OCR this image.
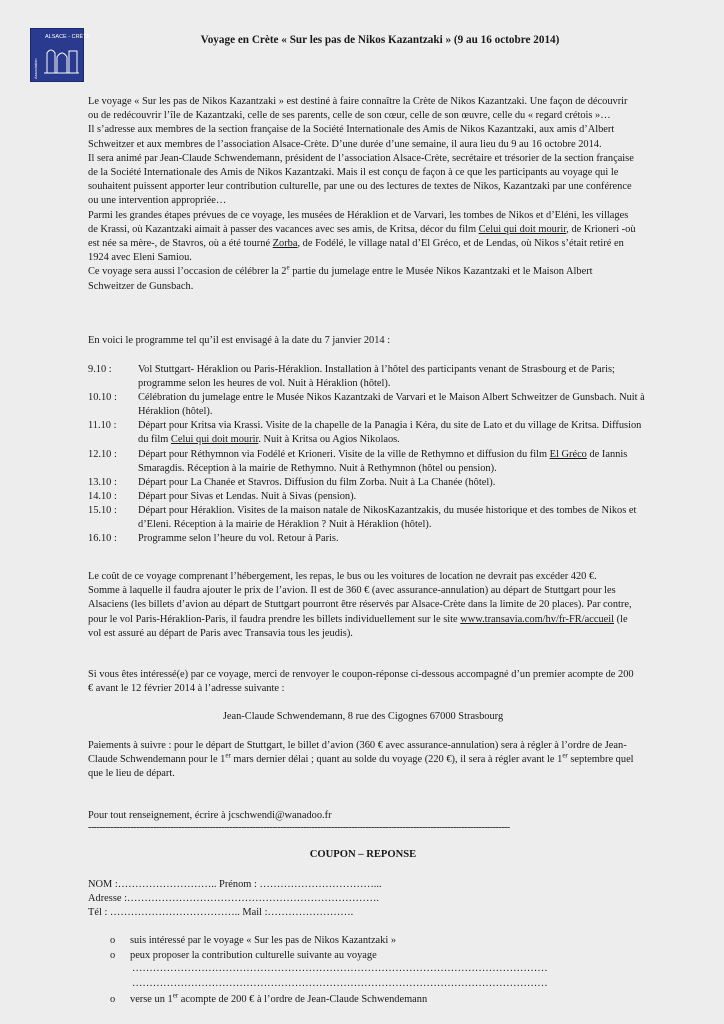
ALSACE - CRÈTE
Association
Voyage en Crète « Sur les pas de Nikos Kazantzaki » (9 au 16 octobre 2014)

Le voyage « Sur les pas de Nikos Kazantzaki » est destiné à faire connaître la Crète de Nikos Kazantzaki. Une façon de découvrir ou de redécouvrir l’île de Kazantzaki, celle de ses parents, celle de son cœur, celle de son œuvre, celle du « regard crétois »…

Il s’adresse aux membres de la section française de la Société Internationale des Amis de Nikos Kazantzaki, aux amis d’Albert Schweitzer et aux membres de l’association Alsace-Crète. D’une durée d’une semaine, il aura lieu du 9 au 16 octobre 2014.

Il sera animé par Jean-Claude Schwendemann, président de l’association Alsace-Crète, secrétaire et trésorier de la section française de la Société Internationale des Amis de Nikos Kazantzaki. Mais il est conçu de façon à ce que les participants au voyage qui le souhaitent puissent apporter leur contribution culturelle, par une ou des lectures de textes de Nikos, Kazantzaki par une conférence ou une intervention appropriée…

Parmi les grandes étapes prévues de ce voyage, les musées de Héraklion et de Varvari, les tombes de Nikos et d’Eléni, les villages de Krassi, où Kazantzaki aimait à passer des vacances avec ses amis, de Kritsa, décor du film Celui qui doit mourir, de Krioneri -où est née sa mère-, de Stavros, où a été tourné Zorba, de Fodélé, le village natal d’El Gréco, et de Lendas, où Nikos s’était retiré en 1924 avec Eleni Samiou.

Ce voyage sera aussi l’occasion de célébrer la 2e partie du jumelage entre le Musée Nikos Kazantzaki et le Maison Albert Schweitzer de Gunsbach.

En voici le programme tel qu’il est envisagé à la date du 7 janvier 2014 :
9.10 :	Vol Stuttgart- Héraklion ou Paris-Héraklion. Installation à l’hôtel des participants venant de Strasbourg et de Paris; programme selon les heures de vol. Nuit à Héraklion (hôtel).
10.10 :	Célébration du jumelage entre le Musée Nikos Kazantzaki de Varvari et le Maison Albert Schweitzer de Gunsbach. Nuit à Héraklion (hôtel).
11.10 :	Départ pour Kritsa via Krassi. Visite de la chapelle de la Panagia i Kéra, du site de Lato et du village de Kritsa. Diffusion du film Celui qui doit mourir. Nuit à Kritsa ou Agios Nikolaos.
12.10 :	Départ pour Réthymnon via Fodélé et Krioneri. Visite de la ville de Rethymno et diffusion du film El Gréco de Iannis Smaragdis. Réception à la mairie de Rethymno. Nuit à Rethymnon (hôtel ou pension).
13.10 :	Départ pour La Chanée et Stavros. Diffusion du film Zorba. Nuit à La Chanée (hôtel).
14.10 :	Départ pour Sivas et Lendas. Nuit à Sivas (pension).
15.10 :	Départ pour Héraklion. Visites de la maison natale de NikosKazantzakis, du musée historique et des tombes de Nikos et d’Eleni. Réception à la mairie de Héraklion ? Nuit à Héraklion (hôtel).
16.10 :	Programme selon l’heure du vol. Retour à Paris.

Le coût de ce voyage comprenant l’hébergement, les repas, le bus ou les voitures de location ne devrait pas excéder 420 €.

Somme à laquelle il faudra ajouter le prix de l’avion. Il est de 360 € (avec assurance-annulation) au départ de Stuttgart pour les Alsaciens (les billets d’avion au départ de Stuttgart pourront être réservés par Alsace-Crète dans la limite de 20 places). Par contre, pour le vol Paris-Héraklion-Paris, il faudra prendre les billets individuellement sur le site www.transavia.com/hv/fr-FR/accueil (le vol est assuré au départ de Paris avec Transavia tous les jeudis).

Si vous êtes intéressé(e) par ce voyage, merci de renvoyer le coupon-réponse ci-dessous accompagné d’un premier acompte de 200 € avant le 12 février 2014 à l’adresse suivante :
Jean-Claude Schwendemann, 8 rue des Cigognes 67000 Strasbourg
Paiements à suivre : pour le départ de Stuttgart, le billet d’avion (360 € avec assurance-annulation) sera à régler à l’ordre de Jean-Claude Schwendemann pour le 1er mars dernier délai ; quant au solde du voyage (220 €), il sera à régler avant le 1er septembre quel que le lieu de départ.
Pour tout renseignement, écrire à jcschwendi@wanadoo.fr
-----------------------------------------------------------------------------------------------------------------------------------------------------
COUPON – REPONSE
NOM :……………………….. Prénom : ……………………………...
Adresse :……………………………………………………………….
Tél : ……………………………….. Mail :…………………….
o suis intéressé par le voyage « Sur les pas de Nikos Kazantzaki »
o peux proposer la contribution culturelle suivante au voyage
…………………………………………………………………………………………………………
…………………………………………………………………………………………………………
o verse un 1er acompte de 200 € à l’ordre de Jean-Claude Schwendemann
